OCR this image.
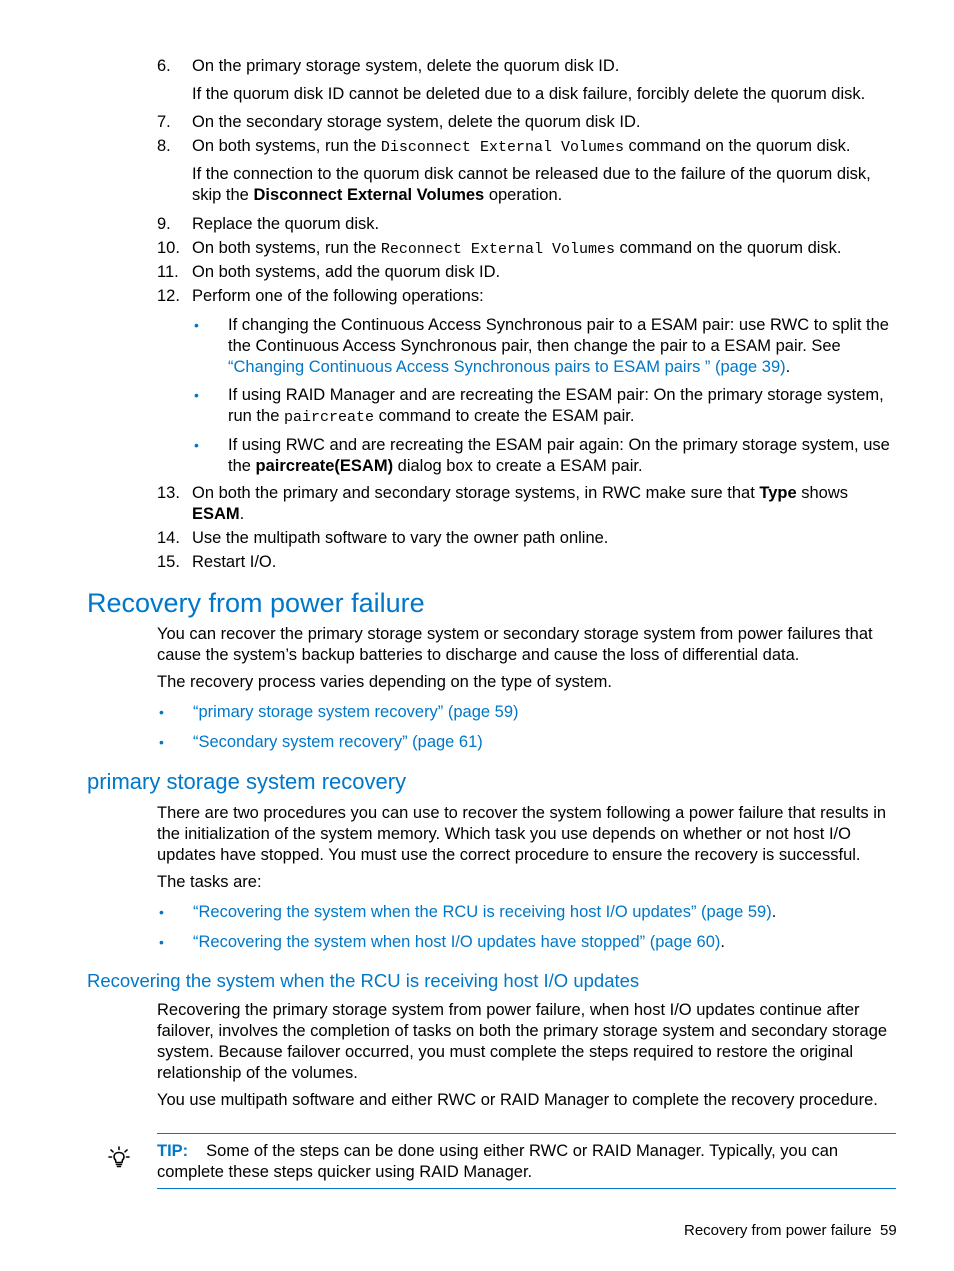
6.	On the primary storage system, delete the quorum disk ID.
If the quorum disk ID cannot be deleted due to a disk failure, forcibly delete the quorum disk.
7.	On the secondary storage system, delete the quorum disk ID.
8.	On both systems, run the Disconnect External Volumes command on the quorum disk.
If the connection to the quorum disk cannot be released due to the failure of the quorum disk, skip the Disconnect External Volumes operation.
9.	Replace the quorum disk.
10. On both systems, run the Reconnect External Volumes command on the quorum disk.
11. On both systems, add the quorum disk ID.
12. Perform one of the following operations:
• If changing the Continuous Access Synchronous pair to a ESAM pair: use RWC to split the the Continuous Access Synchronous pair, then change the pair to a ESAM pair. See “Changing Continuous Access Synchronous pairs to ESAM pairs ” (page 39).
• If using RAID Manager and are recreating the ESAM pair: On the primary storage system, run the paircreate command to create the ESAM pair.
• If using RWC and are recreating the ESAM pair again: On the primary storage system, use the paircreate(ESAM) dialog box to create a ESAM pair.
13. On both the primary and secondary storage systems, in RWC make sure that Type shows ESAM.
14. Use the multipath software to vary the owner path online.
15. Restart I/O.
Recovery from power failure
You can recover the primary storage system or secondary storage system from power failures that cause the system’s backup batteries to discharge and cause the loss of differential data.
The recovery process varies depending on the type of system.
• “primary storage system recovery” (page 59)
• “Secondary system recovery” (page 61)
primary storage system recovery
There are two procedures you can use to recover the system following a power failure that results in the initialization of the system memory. Which task you use depends on whether or not host I/O updates have stopped. You must use the correct procedure to ensure the recovery is successful.
The tasks are:
• “Recovering the system when the RCU is receiving host I/O updates” (page 59).
• “Recovering the system when host I/O updates have stopped” (page 60).
Recovering the system when the RCU is receiving host I/O updates
Recovering the primary storage system from power failure, when host I/O updates continue after failover, involves the completion of tasks on both the primary storage system and secondary storage system. Because failover occurred, you must complete the steps required to restore the original relationship of the volumes.
You use multipath software and either RWC or RAID Manager to complete the recovery procedure.
TIP: Some of the steps can be done using either RWC or RAID Manager. Typically, you can complete these steps quicker using RAID Manager.
Recovery from power failure 59
